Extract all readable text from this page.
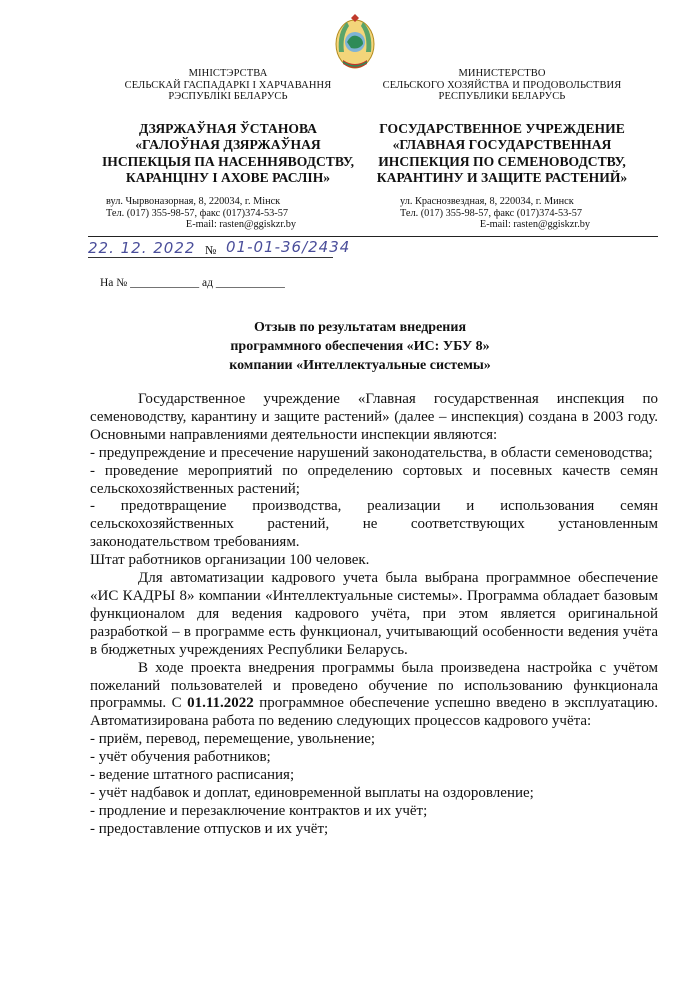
МІНІСТЭРСТВА
СЕЛЬСКАЙ ГАСПАДАРКІ І ХАРЧАВАННЯ
РЭСПУБЛІКІ БЕЛАРУСЬ
ДЗЯРЖАЎНАЯ ЎСТАНОВА
«ГАЛОЎНАЯ ДЗЯРЖАЎНАЯ
ІНСПЕКЦЫЯ ПА НАСЕННЯВОДСТВУ,
КАРАНЦІНУ І АХОВЕ РАСЛІН»
МИНИСТЕРСТВО
СЕЛЬСКОГО ХОЗЯЙСТВА И ПРОДОВОЛЬСТВИЯ
РЕСПУБЛИКИ БЕЛАРУСЬ
ГОСУДАРСТВЕННОЕ УЧРЕЖДЕНИЕ
«ГЛАВНАЯ ГОСУДАРСТВЕННАЯ
ИНСПЕКЦИЯ ПО СЕМЕНОВОДСТВУ,
КАРАНТИНУ И ЗАЩИТЕ РАСТЕНИЙ»
вул. Чырвоназорная, 8, 220034, г. Мінск
Тел. (017) 355-98-57, факс (017)374-53-57
E-mail: rasten@ggiskzr.by
ул. Краснозвездная, 8, 220034, г. Минск
Тел. (017) 355-98-57, факс (017)374-53-57
E-mail: rasten@ggiskzr.by
22. 12. 2022 № 01-01-36/2434
На № ____________ ад ____________
Отзыв по результатам внедрения
программного обеспечения «ИС: УБУ 8»
компании «Интеллектуальные системы»

Государственное учреждение «Главная государственная инспекция по семеноводству, карантину и защите растений» (далее – инспекция) создана в 2003 году. Основными направлениями деятельности инспекции являются:

- предупреждение и пресечение нарушений законодательства, в области семеноводства;

- проведение мероприятий по определению сортовых и посевных качеств семян сельскохозяйственных растений;

- предотвращение производства, реализации и использования семян сельскохозяйственных растений, не соответствующих установленным законодательством требованиям.

Штат работников организации 100 человек.

Для автоматизации кадрового учета была выбрана программное обеспечение «ИС КАДРЫ 8» компании «Интеллектуальные системы». Программа обладает базовым функционалом для ведения кадрового учёта, при этом является оригинальной разработкой – в программе есть функционал, учитывающий особенности ведения учёта в бюджетных учреждениях Республики Беларусь.

В ходе проекта внедрения программы была произведена настройка с учётом пожеланий пользователей и проведено обучение по использованию функционала программы. С 01.11.2022 программное обеспечение успешно введено в эксплуатацию. Автоматизирована работа по ведению следующих процессов кадрового учёта:

- приём, перевод, перемещение, увольнение;

- учёт обучения работников;

- ведение штатного расписания;

- учёт надбавок и доплат, единовременной выплаты на оздоровление;

- продление и перезаключение контрактов и их учёт;

- предоставление отпусков и их учёт;
